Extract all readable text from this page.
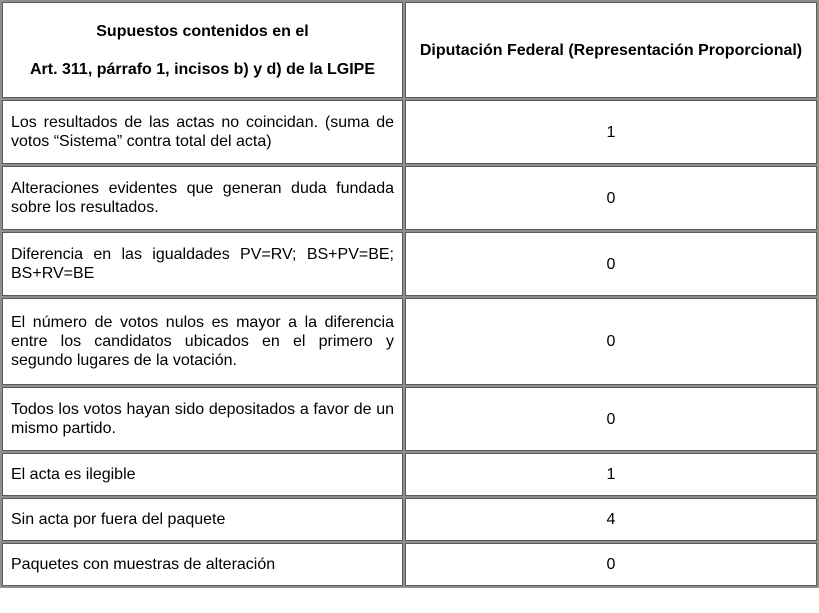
Supuestos contenidos en el
Art. 311, párrafo 1, incisos b) y d) de la LGIPE	Diputación Federal (Representación Proporcional)
Los resultados de las actas no coincidan. (suma de votos “Sistema” contra total del acta)	1
Alteraciones evidentes que generan duda fundada sobre los resultados.	0
Diferencia en las igualdades PV=RV; BS+PV=BE; BS+RV=BE	0
El número de votos nulos es mayor a la diferencia entre los candidatos ubicados en el primero y segundo lugares de la votación.	0
Todos los votos hayan sido depositados a favor de un mismo partido.	0
El acta es ilegible	1
Sin acta por fuera del paquete	4
Paquetes con muestras de alteración	0
